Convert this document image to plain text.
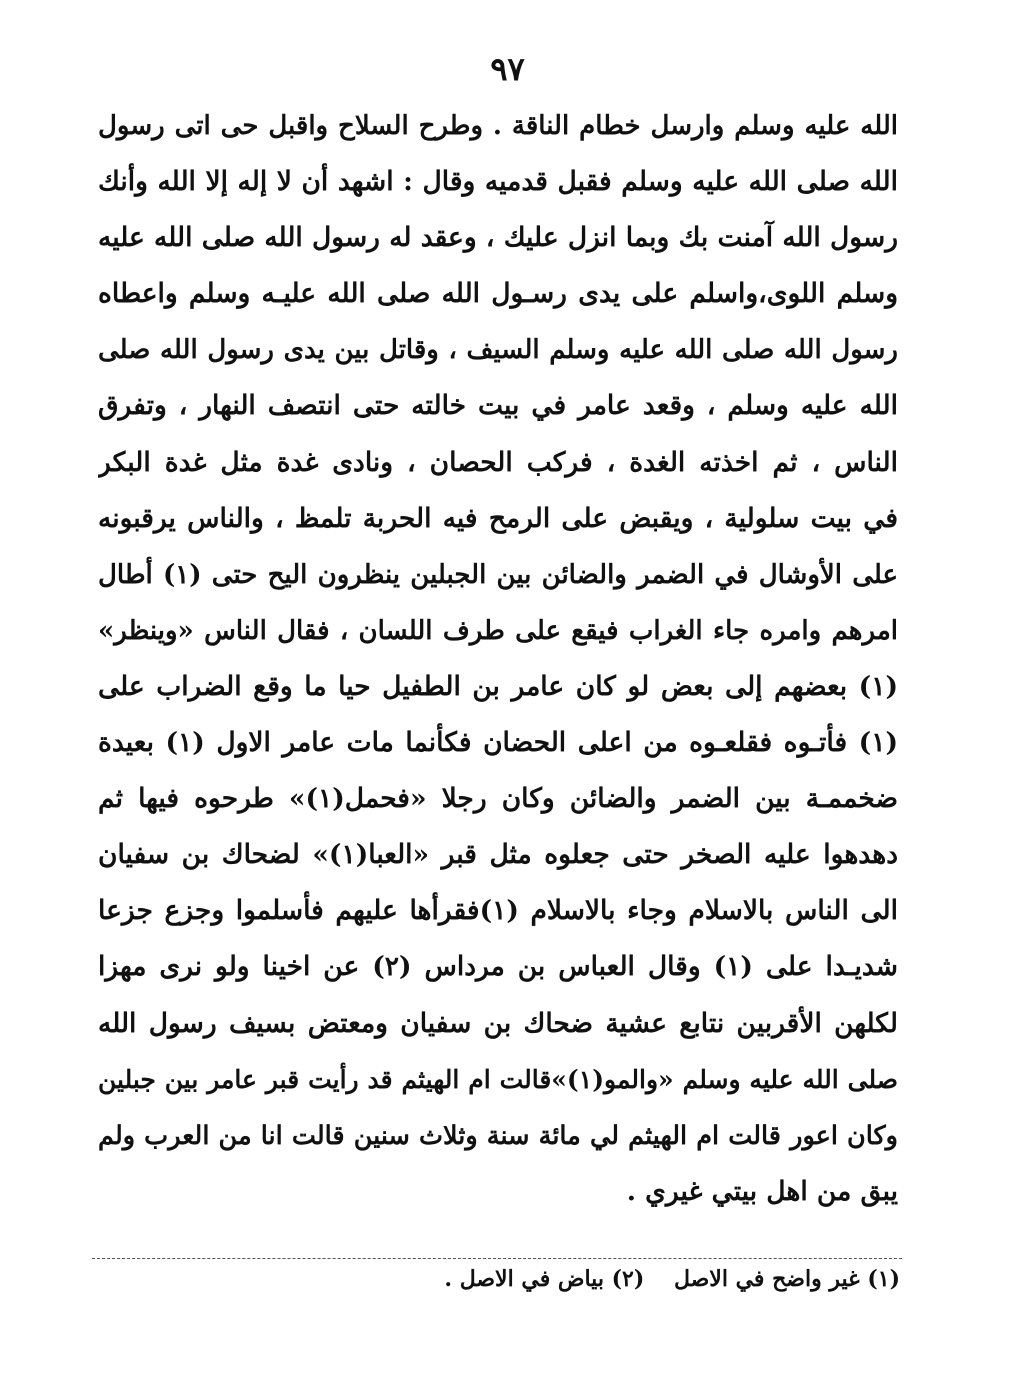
٩٧
الله عليه وسلم وارسل خطام الناقة . وطرح السلاح واقبل حى اتى رسول
الله صلى الله عليه وسلم فقبل قدميه وقال : اشهد أن لا إله إلا الله وأنك
رسول الله آمنت بك وبما انزل عليك ، وعقد له رسول الله صلى الله عليه
وسلم اللوى،واسلم على يدى رسـول الله صلى الله عليـه وسلم واعطاه
رسول الله صلى الله عليه وسلم السيف ، وقاتل بين يدى رسول الله صلى
الله عليه وسلم ، وقعد عامر في بيت خالته حتى انتصف النهار ، وتفرق
الناس ، ثم اخذته الغدة ، فركب الحصان ، ونادى غدة مثل غدة البكر
في بيت سلولية ، ويقبض على الرمح فيه الحربة تلمظ ، والناس يرقبونه
على الأوشال في الضمر والضائن بين الجبلين ينظرون اليح حتى (١) أطال
امرهم وامره جاء الغراب فيقع على طرف اللسان ، فقال الناس «وينظر»
(١) بعضهم إلى بعض لو كان عامر بن الطفيل حيا ما وقع الضراب على
(١) فأتـوه فقلعـوه من اعلى الحضان فكأنما مات عامر الاول (١) بعيدة
ضخممـة بين الضمر والضائن وكان رجلا «فحمل(١)» طرحوه فيها ثم
دهدهوا عليه الصخر حتى جعلوه مثل قبر «العبا(١)» لضحاك بن سفيان
الى الناس بالاسلام وجاء بالاسلام (١)فقرأها عليهم فأسلموا وجزع جزعا
شديـدا على (١) وقال العباس بن مرداس (٢) عن اخينا ولو نرى مهزا
لكلهن الأقربين نتابع عشية ضحاك بن سفيان ومعتض بسيف رسول الله
صلى الله عليه وسلم «والمو(١)»قالت ام الهيثم قد رأيت قبر عامر بين جبلين
وكان اعور قالت ام الهيثم لي مائة سنة وثلاث سنين قالت انا من العرب ولم
يبق من اهل بيتي غيري .
(١) غير واضح في الاصل (٢) بياض في الاصل .
